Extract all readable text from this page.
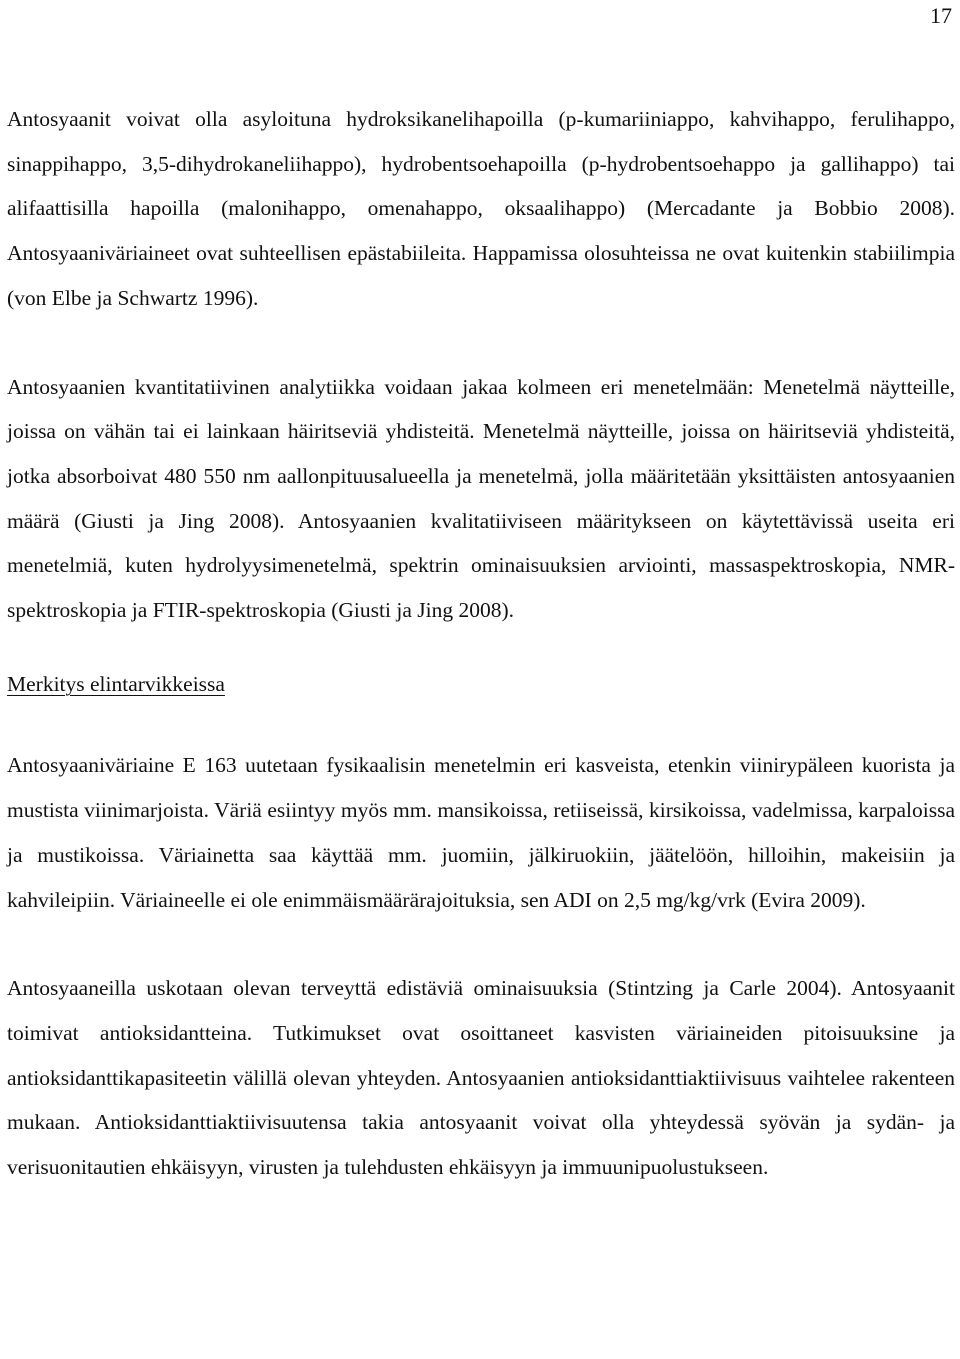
17

Antosyaanit voivat olla asyloituna hydroksikanelihapoilla (p-kumariiniappo, kahvihappo, ferulihappo, sinappihappo, 3,5-dihydrokaneliihappo), hydrobentsoehapoilla (p-hydrobentsoehappo ja gallihappo) tai alifaattisilla hapoilla (malonihappo, omenahappo, oksaalihappo) (Mercadante ja Bobbio 2008). Antosyaaniväriaineet ovat suhteellisen epästabiileita. Happamissa olosuhteissa ne ovat kuitenkin stabiilimpia (von Elbe ja Schwartz 1996).

Antosyaanien kvantitatiivinen analytiikka voidaan jakaa kolmeen eri menetelmään: Menetelmä näytteille, joissa on vähän tai ei lainkaan häiritseviä yhdisteitä. Menetelmä näytteille, joissa on häiritseviä yhdisteitä, jotka absorboivat 480 550 nm aallonpituusalueella ja menetelmä, jolla määritetään yksittäisten antosyaanien määrä (Giusti ja Jing 2008). Antosyaanien kvalitatiiviseen määritykseen on käytettävissä useita eri menetelmiä, kuten hydrolyysimenetelmä, spektrin ominaisuuksien arviointi, massaspektroskopia, NMR-spektroskopia ja FTIR-spektroskopia (Giusti ja Jing 2008).

Merkitys elintarvikkeissa

Antosyaaniväriaine E 163 uutetaan fysikaalisin menetelmin eri kasveista, etenkin viinirypäleen kuorista ja mustista viinimarjoista. Väriä esiintyy myös mm. mansikoissa, retiiseissä, kirsikoissa, vadelmissa, karpaloissa ja mustikoissa. Väriainetta saa käyttää mm. juomiin, jälkiruokiin, jäätelöön, hilloihin, makeisiin ja kahvileipiin. Väriaineelle ei ole enimmäismäärärajoituksia, sen ADI on 2,5 mg/kg/vrk (Evira 2009).

Antosyaaneilla uskotaan olevan terveyttä edistäviä ominaisuuksia (Stintzing ja Carle 2004). Antosyaanit toimivat antioksidantteina. Tutkimukset ovat osoittaneet kasvisten väriaineiden pitoisuuksine ja antioksidanttikapasiteetin välillä olevan yhteyden. Antosyaanien antioksidanttiaktiivisuus vaihtelee rakenteen mukaan. Antioksidanttiaktiivisuutensa takia antosyaanit voivat olla yhteydessä syövän ja sydän- ja verisuonitautien ehkäisyyn, virusten ja tulehdusten ehkäisyyn ja immuunipuolustukseen.
